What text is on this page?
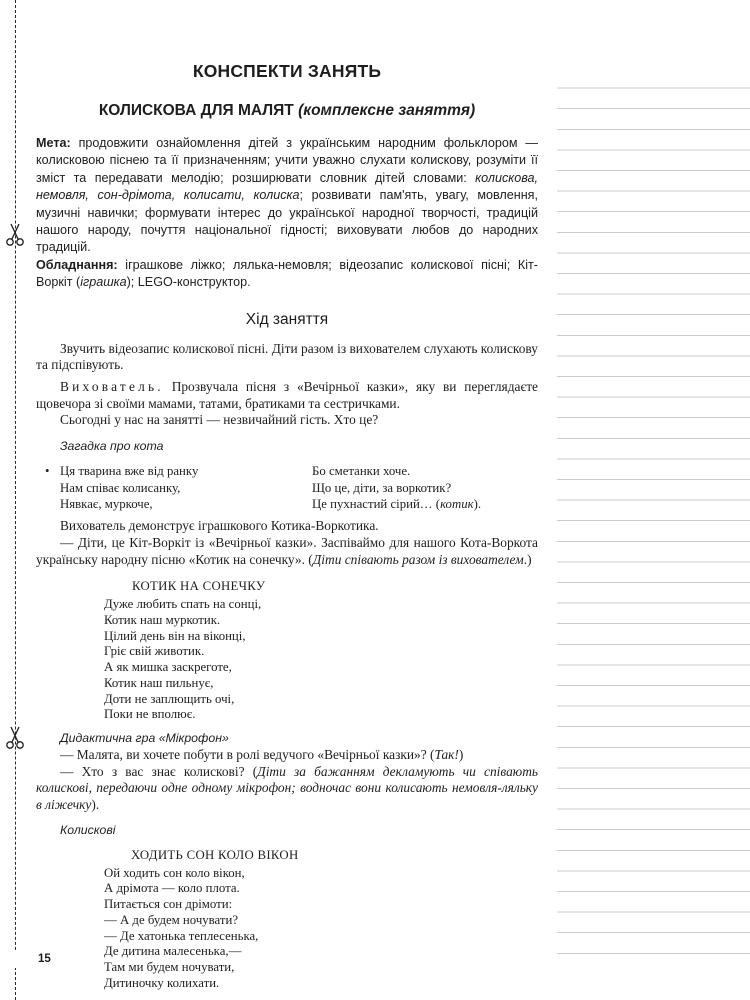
КОНСПЕКТИ ЗАНЯТЬ
КОЛИСКОВА ДЛЯ МАЛЯТ (комплексне заняття)

Мета: продовжити ознайомлення дітей з українським народним фольклором — колисковою піснею та її призначенням; учити уважно слухати колискову, розуміти її зміст та передавати мелодію; розширювати словник дітей словами: колискова, немовля, сон-дрімота, колисати, колиска; розвивати пам'ять, увагу, мовлення, музичні навички; формувати інтерес до української народної творчості, традицій нашого народу, почуття національної гідності; виховувати любов до народних традицій.

Обладнання: іграшкове ліжко; лялька-немовля; відеозапис колискової пісні; Кіт-Воркіт (іграшка); LEGO-конструктор.

Хід заняття

Звучить відеозапис колискової пісні. Діти разом із вихователем слухають колискову та підспівують.

Вихователь. Прозвучала пісня з «Вечірньої казки», яку ви переглядаєте щовечора зі своїми мамами, татами, братиками та сестричками.

Сьогодні у нас на занятті — незвичайний гість. Хто це?

Загадка про кота
• Ця тварина вже від ранку
Нам співає колисанку,
Нявкає, муркоче,
Бо сметанки хоче.
Що це, діти, за воркотик?
Це пухнастий сірий… (котик).

Вихователь демонструє іграшкового Котика-Воркотика.

— Діти, це Кіт-Воркіт із «Вечірньої казки». Заспіваймо для нашого Кота-Воркота українську народну пісню «Котик на сонечку». (Діти співають разом із вихователем.)

КОТИК НА СОНЕЧКУ
Дуже любить спать на сонці,
Котик наш муркотик.
Цілий день він на віконці,
Гріє свій животик.
А як мишка заскреготе,
Котик наш пильнує,
Доти не заплющить очі,
Поки не вполює.
Дидактична гра «Мікрофон»

— Малята, ви хочете побути в ролі ведучого «Вечірньої казки»? (Так!)

— Хто з вас знає колискові? (Діти за бажанням декламують чи співають колискові, передаючи одне одному мікрофон; водночас вони колисають немовля-ляльку в ліжечку).

Колискові
ХОДИТЬ СОН КОЛО ВІКОН
Ой ходить сон коло вікон,
А дрімота — коло плота.
Питається сон дрімоти:
— А де будем ночувати?
— Де хатонька теплесенька,
Де дитина малесенька,—
Там ми будем ночувати,
Дитиночку колихати.
15
